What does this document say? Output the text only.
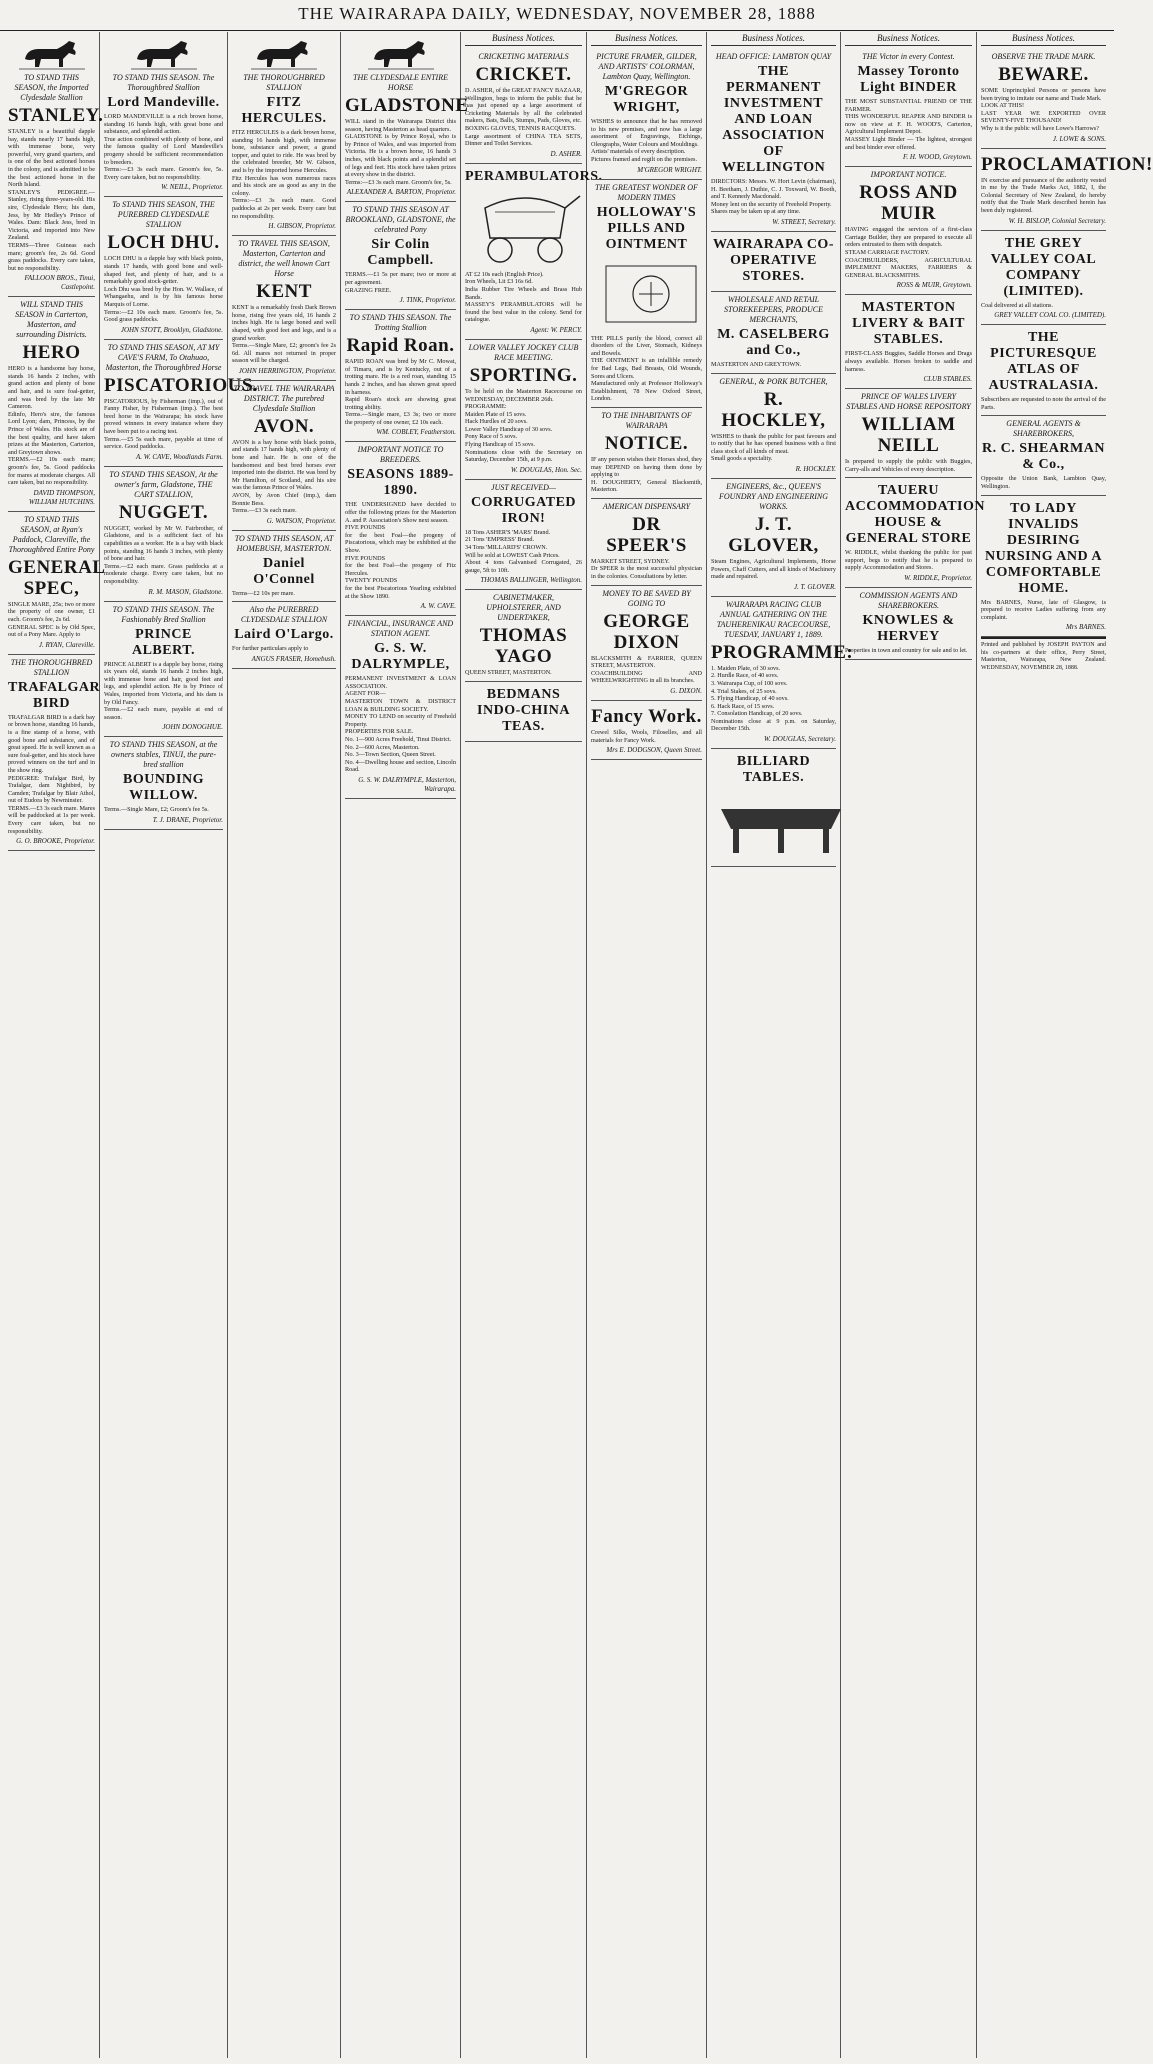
THE WAIRARAPA DAILY, WEDNESDAY, NOVEMBER 28, 1888
TO STAND THIS SEASON, the Imported Clydesdale Stallion
STANLEY.
STANLEY is a beautiful dapple bay, stands nearly 17 hands high, with immense bone, very powerful, very grand quarters, and is one of the best actioned horses in the colony, and is admitted to be the best actioned horse in the North Island.
STANLEY'S PEDIGREE.—Stanley, rising three-years-old. His sire, Clydesdale Hero; his dam, Jess, by Mr Hedley's Prince of Wales. Dam: Black Jess, bred in Victoria, and imported into New Zealand.
TERMS—Three Guineas each mare; groom's fee, 2s 6d. Good grass paddocks. Every care taken, but no responsibility.
FALLOON BROS., Tinui, Castlepoint.
WILL STAND THIS SEASON in Carterton, Masterton, and surrounding Districts.
HERO
HERO is a handsome bay horse, stands 16 hands 2 inches, with grand action and plenty of bone and hair, and is sure foal-getter, and was bred by the late Mr Cameron.
Edinfo, Hero's sire, the famous Lord Lyon; dam, Princess, by the Prince of Wales. His stock are of the best quality, and have taken prizes at the Masterton, Carterton, and Greytown shows.
TERMS.—£2 10s each mare; groom's fee, 5s. Good paddocks for mares at moderate charges. All care taken, but no responsibility.
DAVID THOMPSON, WILLIAM HUTCHINS.
TO STAND THIS SEASON, at Ryan's Paddock, Clareville, the Thoroughbred Entire Pony
GENERAL SPEC,
SINGLE MARE, 25s; two or more the property of one owner, £1 each. Groom's fee, 2s 6d.
GENERAL SPEC is by Old Spec, out of a Pony Mare. Apply to
J. RYAN, Clareville.
THE THOROUGHBRED STALLION
TRAFALGAR BIRD
TRAFALGAR BIRD is a dark bay or brown horse, standing 16 hands, is a fine stamp of a horse, with good bone and substance, and of great speed. He is well known as a sure foal-getter, and his stock have proved winners on the turf and in the show ring.
PEDIGREE: Trafalgar Bird, by Trafalgar, dam Nightbird, by Camden; Trafalgar by Blair Athol, out of Eudora by Newminster.
TERMS.—£3 3s each mare. Mares will be paddocked at 1s per week. Every care taken, but no responsibility.
G. O. BROOKE, Proprietor.
TO STAND THIS SEASON. The Thoroughbred Stallion
Lord Mandeville.
LORD MANDEVILLE is a rich brown horse, standing 16 hands high, with great bone and substance, and splendid action.
True action combined with plenty of bone, and the famous quality of Lord Mandeville's progeny should be sufficient recommendation to breeders.
Terms:—£3 3s each mare. Groom's fee, 5s. Every care taken, but no responsibility.
W. NEILL, Proprietor.
To STAND THIS SEASON, THE PUREBRED CLYDESDALE STALLION
LOCH DHU.
LOCH DHU is a dapple bay with black points, stands 17 hands, with good bone and well-shaped feet, and plenty of hair, and is a remarkably good stock-getter.
Loch Dhu was bred by the Hon. W. Wallace, of Whangaehu, and is by his famous horse Marquis of Lorne.
Terms:—£2 10s each mare. Groom's fee, 5s. Good grass paddocks.
JOHN STOTT, Brooklyn, Gladstone.
TO STAND THIS SEASON, AT MY CAVE'S FARM, To Otahuao, Masterton, the Thoroughbred Horse
PISCATORIOUS.
PISCATORIOUS, by Fisherman (imp.), out of Fanny Fisher, by Fisherman (imp.). The best bred horse in the Wairarapa; his stock have proved winners in every instance where they have been put to a racing test.
Terms.—£5 5s each mare, payable at time of service. Good paddocks.
A. W. CAVE, Woodlands Farm.
TO STAND THIS SEASON, At the owner's farm, Gladstone, THE CART STALLION,
NUGGET.
NUGGET, worked by Mr W. Fairbrother, of Gladstone, and is a sufficient fact of his capabilities as a worker. He is a bay with black points, standing 16 hands 3 inches, with plenty of bone and hair.
Terms.—£2 each mare. Grass paddocks at a moderate charge. Every care taken, but no responsibility.
R. M. MASON, Gladstone.
TO STAND THIS SEASON. The Fashionably Bred Stallion
PRINCE ALBERT.
PRINCE ALBERT is a dapple bay horse, rising six years old, stands 16 hands 2 inches high, with immense bone and hair, good feet and legs, and splendid action. He is by Prince of Wales, imported from Victoria, and his dam is by Old Fancy.
Terms.—£2 each mare, payable at end of season.
JOHN DONOGHUE.
TO STAND THIS SEASON, at the owners stables, TINUI, the pure-bred stallion
BOUNDING WILLOW.
Terms.—Single Mare, £2; Groom's fee 5s.
T. J. DRANE, Proprietor.
THE THOROUGHBRED STALLION
FITZ HERCULES.
FITZ HERCULES is a dark brown horse, standing 16 hands high, with immense bone, substance and power, a grand topper, and quiet to ride. He was bred by the celebrated breeder, Mr W. Gibson, and is by the imported horse Hercules.
Fitz Hercules has won numerous races and his stock are as good as any in the colony.
Terms:—£3 3s each mare. Good paddocks at 2s per week. Every care but no responsibility.
H. GIBSON, Proprietor.
TO TRAVEL THIS SEASON, Masterton, Carterton and district, the well known Cart Horse
KENT
KENT is a remarkably fresh Dark Brown horse, rising five years old, 16 hands 2 inches high. He is large boned and well shaped, with good feet and legs, and is a grand worker.
Terms.—Single Mare, £2; groom's fee 2s 6d. All mares not returned in proper season will be charged.
JOHN HERRINGTON, Proprietor.
TO TRAVEL THE WAIRARAPA DISTRICT. The purebred Clydesdale Stallion
AVON.
AVON is a bay horse with black points, and stands 17 hands high, with plenty of bone and hair. He is one of the handsomest and best bred horses ever imported into the district. He was bred by Mr Hamilton, of Scotland, and his sire was the famous Prince of Wales.
AVON, by Avon Chief (imp.), dam Bonnie Bess.
Terms.—£3 3s each mare.
G. WATSON, Proprietor.
TO STAND THIS SEASON, AT HOMEBUSH, MASTERTON.
Daniel O'Connel
Terms—£2 10s per mare.
Also the PUREBRED CLYDESDALE STALLION
Laird O'Largo.
For further particulars apply to
ANGUS FRASER, Homebush.
THE CLYDESDALE ENTIRE HORSE
GLADSTONE
WILL stand in the Wairarapa District this season, having Masterton as head quarters.
GLADSTONE is by Prince Royal, who is by Prince of Wales, and was imported from Victoria. He is a brown horse, 16 hands 3 inches, with black points and a splendid set of legs and feet. His stock have taken prizes at every show in the district.
Terms:—£3 3s each mare. Groom's fee, 5s.
ALEXANDER A. BARTON, Proprietor.
TO STAND THIS SEASON AT BROOKLAND, GLADSTONE, the celebrated Pony
Sir Colin Campbell.
TERMS.—£1 5s per mare; two or more at per agreement.
GRAZING FREE.
J. TINK, Proprietor.
TO STAND THIS SEASON. The Trotting Stallion
Rapid Roan.
RAPID ROAN was bred by Mr C. Mowat, of Timaru, and is by Kentucky, out of a trotting mare. He is a red roan, standing 15 hands 2 inches, and has shown great speed in harness.
Rapid Roan's stock are showing great trotting ability.
Terms.—Single mare, £3 3s; two or more the property of one owner, £2 10s each.
WM. COBLEY, Featherston.
IMPORTANT NOTICE TO BREEDERS.
SEASONS 1889-1890.
THE UNDERSIGNED have decided to offer the following prizes for the Masterton A. and P. Association's Show next season.
FIVE POUNDS
for the best Foal—the progeny of Piscatorious, which may be exhibited at the Show.
FIVE POUNDS
for the best Foal—the progeny of Fitz Hercules.
TWENTY POUNDS
for the best Piscatorious Yearling exhibited at the Show 1890.
A. W. CAVE.
FINANCIAL, INSURANCE AND STATION AGENT.
G. S. W. DALRYMPLE,
PERMANENT INVESTMENT & LOAN ASSOCIATION.
AGENT FOR—
MASTERTON TOWN & DISTRICT LOAN & BUILDING SOCIETY.
MONEY TO LEND on security of Freehold Property.
PROPERTIES FOR SALE.
No. 1—900 Acres Freehold, Tinui District.
No. 2—600 Acres, Masterton.
No. 3—Town Section, Queen Street.
No. 4—Dwelling house and section, Lincoln Road.
G. S. W. DALRYMPLE, Masterton, Wairarapa.
Business Notices.
CRICKETING MATERIALS
CRICKET.
D. ASHER, of the GREAT FANCY BAZAAR, Wellington, begs to inform the public that he has just opened up a large assortment of Cricketing Materials by all the celebrated makers, Bats, Balls, Stumps, Pads, Gloves, etc.
BOXING GLOVES, TENNIS RACQUETS.
Large assortment of CHINA TEA SETS, Dinner and Toilet Services.
D. ASHER.
PERAMBULATORS.
AT £2 10s each (English Price).
Iron Wheels, Lit £3 16s 6d.
India Rubber Tire Wheels and Brass Hub Bands.
MASSEY'S PERAMBULATORS will be found the best value in the colony. Send for catalogue.
Agent: W. PERCY.
LOWER VALLEY JOCKEY CLUB RACE MEETING.
SPORTING.
To be held on the Masterton Racecourse on WEDNESDAY, DECEMBER 26th.
PROGRAMME:
Maiden Plate of 15 sovs.
Hack Hurdles of 20 sovs.
Lower Valley Handicap of 30 sovs.
Pony Race of 5 sovs.
Flying Handicap of 15 sovs.
Nominations close with the Secretary on Saturday, December 15th, at 9 p.m.
W. DOUGLAS, Hon. Sec.
JUST RECEIVED—
CORRUGATED IRON!
18 Tons ASHER'S 'MARS' Brand.
21 Tons 'EMPRESS' Brand.
34 Tons 'MILLARD'S' CROWN.
Will be sold at LOWEST Cash Prices.
About 4 tons Galvanised Corrugated, 26 gauge, 5ft to 10ft.
THOMAS BALLINGER, Wellington.
CABINETMAKER, UPHOLSTERER, AND UNDERTAKER,
THOMAS YAGO
QUEEN STREET, MASTERTON.
BEDMANS INDO-CHINA TEAS.
Business Notices.
PICTURE FRAMER, GILDER, AND ARTISTS' COLORMAN, Lambton Quay, Wellington.
M'GREGOR WRIGHT,
WISHES to announce that he has removed to his new premises, and now has a large assortment of Engravings, Etchings, Oleographs, Water Colours and Mouldings.
Artists' materials of every description.
Pictures framed and regilt on the premises.
M'GREGOR WRIGHT.
THE GREATEST WONDER OF MODERN TIMES
HOLLOWAY'S PILLS AND OINTMENT
THE PILLS purify the blood, correct all disorders of the Liver, Stomach, Kidneys and Bowels.
THE OINTMENT is an infallible remedy for Bad Legs, Bad Breasts, Old Wounds, Sores and Ulcers.
Manufactured only at Professor Holloway's Establishment, 78 New Oxford Street, London.
TO THE INHABITANTS OF WAIRARAPA
NOTICE.
IF any person wishes their Horses shod, they may DEPEND on having them done by applying to
H. DOUGHERTY, General Blacksmith, Masterton.
AMERICAN DISPENSARY
DR SPEER'S
MARKET STREET, SYDNEY.
Dr SPEER is the most successful physician in the colonies. Consultations by letter.
MONEY TO BE SAVED BY GOING TO
GEORGE DIXON
BLACKSMITH & FARRIER, QUEEN STREET, MASTERTON.
COACHBUILDING AND WHEELWRIGHTING in all its branches.
G. DIXON.
Fancy Work.
Crewel Silks, Wools, Filoselles, and all materials for Fancy Work.
Mrs E. DODGSON, Queen Street.
Business Notices.
HEAD OFFICE: LAMBTON QUAY
THE PERMANENT INVESTMENT AND LOAN ASSOCIATION OF WELLINGTON
DIRECTORS: Messrs. W. Hort Levin (chairman), H. Beetham, J. Duthie, C. J. Toxward, W. Booth, and T. Kennedy Macdonald.
Money lent on the security of Freehold Property.
Shares may be taken up at any time.
W. STREET, Secretary.
WAIRARAPA CO-OPERATIVE STORES.
WHOLESALE AND RETAIL STOREKEEPERS, PRODUCE MERCHANTS,
M. CASELBERG and Co.,
MASTERTON AND GREYTOWN.
GENERAL, & PORK BUTCHER,
R. HOCKLEY,
WISHES to thank the public for past favours and to notify that he has opened business with a first class stock of all kinds of meat.
Small goods a speciality.
R. HOCKLEY.
ENGINEERS, &c., QUEEN'S FOUNDRY AND ENGINEERING WORKS.
J. T. GLOVER,
Steam Engines, Agricultural Implements, Horse Powers, Chaff Cutters, and all kinds of Machinery made and repaired.
J. T. GLOVER.
WAIRARAPA RACING CLUB ANNUAL GATHERING ON THE TAUHERENIKAU RACECOURSE, TUESDAY, JANUARY 1, 1889.
PROGRAMME:
1. Maiden Plate, of 30 sovs.
2. Hurdle Race, of 40 sovs.
3. Wairarapa Cup, of 100 sovs.
4. Trial Stakes, of 25 sovs.
5. Flying Handicap, of 40 sovs.
6. Hack Race, of 15 sovs.
7. Consolation Handicap, of 20 sovs.
Nominations close at 9 p.m. on Saturday, December 15th.
W. DOUGLAS, Secretary.
BILLIARD TABLES.
Business Notices.
THE Victor in every Contest.
Massey Toronto Light BINDER
THE MOST SUBSTANTIAL FRIEND OF THE FARMER.
THIS WONDERFUL REAPER AND BINDER is now on view at F. H. WOOD'S, Carterton, Agricultural Implement Depot.
MASSEY Light Binder — The lightest, strongest and best binder ever offered.
F. H. WOOD, Greytown.
IMPORTANT NOTICE.
ROSS AND MUIR
HAVING engaged the services of a first-class Carriage Builder, they are prepared to execute all orders entrusted to them with despatch.
STEAM CARRIAGE FACTORY.
COACHBUILDERS, AGRICULTURAL IMPLEMENT MAKERS, FARRIERS & GENERAL BLACKSMITHS.
ROSS & MUIR, Greytown.
MASTERTON LIVERY & BAIT STABLES.
FIRST-CLASS Buggies, Saddle Horses and Drags always available. Horses broken to saddle and harness.
CLUB STABLES.
PRINCE OF WALES LIVERY STABLES AND HORSE REPOSITORY
WILLIAM NEILL
Is prepared to supply the public with Buggies, Carry-alls and Vehicles of every description.
TAUERU ACCOMMODATION HOUSE & GENERAL STORE
W. RIDDLE, whilst thanking the public for past support, begs to notify that he is prepared to supply Accommodation and Stores.
W. RIDDLE, Proprietor.
COMMISSION AGENTS AND SHAREBROKERS.
KNOWLES & HERVEY
Properties in town and country for sale and to let.
Business Notices.
OBSERVE THE TRADE MARK.
BEWARE.
SOME Unprincipled Persons or persons have been trying to imitate our name and Trade Mark.
LOOK AT THIS!
LAST YEAR WE EXPORTED OVER SEVENTY-FIVE THOUSAND!
Why is it the public will have Lowe's Harrows?
J. LOWE & SONS.
PROCLAMATION!
IN exercise and pursuance of the authority vested in me by the Trade Marks Act, 1882, I, the Colonial Secretary of New Zealand, do hereby notify that the Trade Mark described herein has been duly registered.
W. H. BISLOP, Colonial Secretary.
THE GREY VALLEY COAL COMPANY (LIMITED).
Coal delivered at all stations.
GREY VALLEY COAL CO. (LIMITED).
THE PICTURESQUE ATLAS OF AUSTRALASIA.
Subscribers are requested to note the arrival of the Parts.
GENERAL AGENTS & SHAREBROKERS,
R. C. SHEARMAN & Co.,
Opposite the Union Bank, Lambton Quay, Wellington.
TO LADY INVALIDS DESIRING NURSING AND A COMFORTABLE HOME.
Mrs BARNES, Nurse, late of Glasgow, is prepared to receive Ladies suffering from any complaint.
Mrs BARNES.
Printed and published by JOSEPH PAYTON and his co-partners at their office, Perry Street, Masterton, Wairarapa, New Zealand. WEDNESDAY, NOVEMBER 28, 1888.
